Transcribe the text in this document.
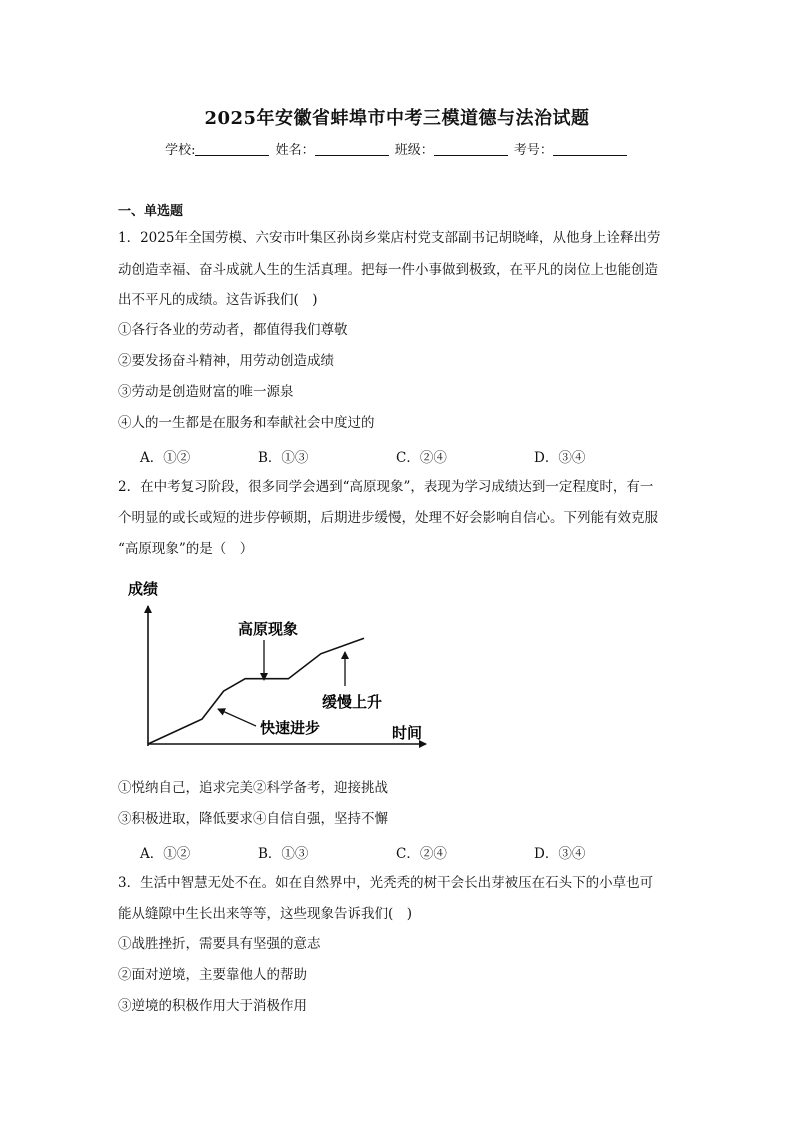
2025年安徽省蚌埠市中考三模道德与法治试题
学校:	姓名：	班级：	考号：
一、单选题
1．2025年全国劳模、六安市叶集区孙岗乡棠店村党支部副书记胡晓峰，从他身上诠释出劳
动创造幸福、奋斗成就人生的生活真理。把每一件小事做到极致，在平凡的岗位上也能创造
出不平凡的成绩。这告诉我们(　)
①各行各业的劳动者，都值得我们尊敬
②要发扬奋斗精神，用劳动创造成绩
③劳动是创造财富的唯一源泉
④人的一生都是在服务和奉献社会中度过的
A．①②	B．①③	C．②④	D．③④
2．在中考复习阶段，很多同学会遇到“高原现象”，表现为学习成绩达到一定程度时，有一
个明显的或长或短的进步停顿期，后期进步缓慢，处理不好会影响自信心。下列能有效克服
“高原现象”的是（　）
成绩
时间
高原现象
缓慢上升
快速进步
①悦纳自己，追求完美②科学备考，迎接挑战
③积极进取，降低要求④自信自强，坚持不懈
A．①②	B．①③	C．②④	D．③④
3．生活中智慧无处不在。如在自然界中，光秃秃的树干会长出芽被压在石头下的小草也可
能从缝隙中生长出来等等，这些现象告诉我们(　)
①战胜挫折，需要具有坚强的意志
②面对逆境，主要靠他人的帮助
③逆境的积极作用大于消极作用
